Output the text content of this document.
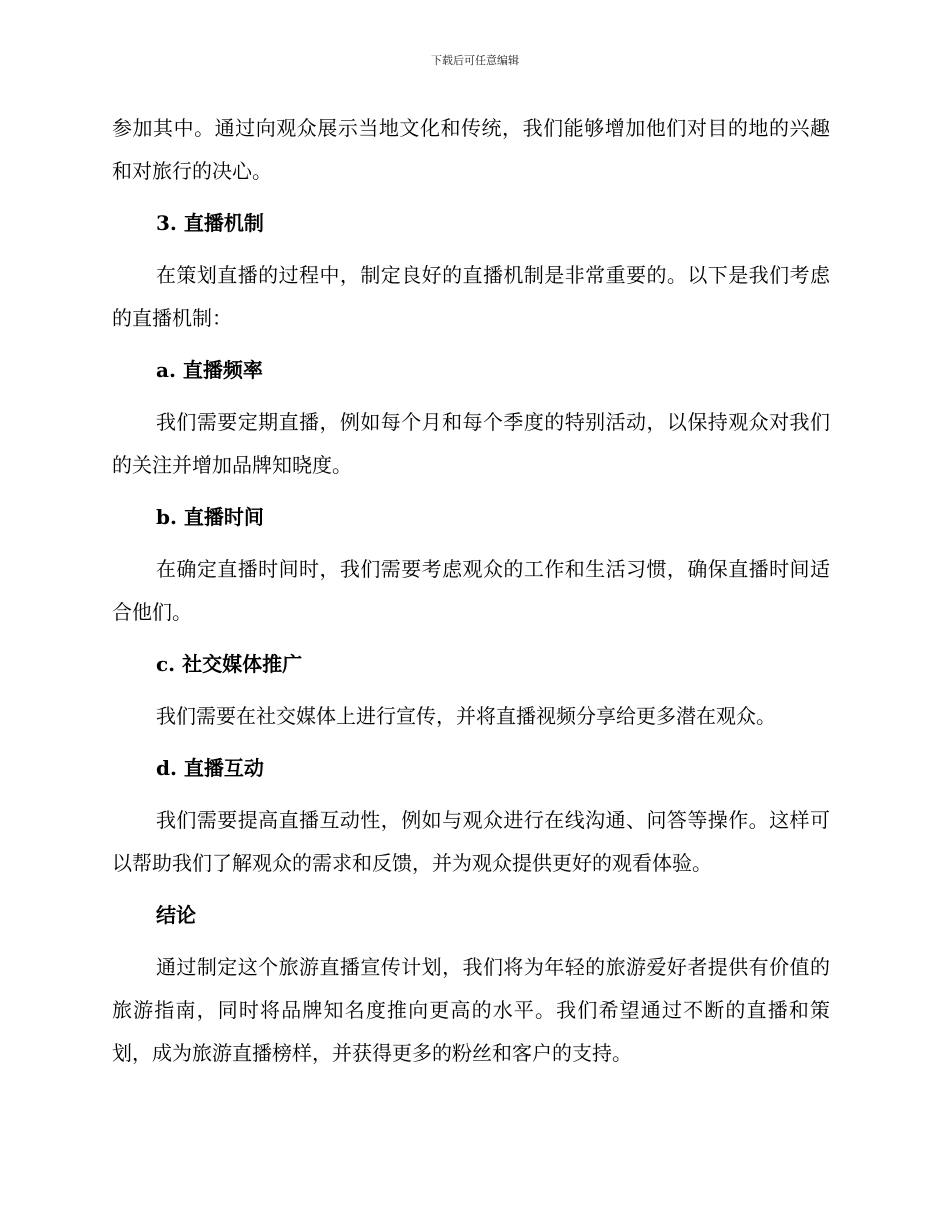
下载后可任意编辑

参加其中。通过向观众展示当地文化和传统，我们能够增加他们对目的地的兴趣和对旅行的决心。

3. 直播机制

在策划直播的过程中，制定良好的直播机制是非常重要的。以下是我们考虑的直播机制：

a. 直播频率

我们需要定期直播，例如每个月和每个季度的特别活动，以保持观众对我们的关注并增加品牌知晓度。

b. 直播时间

在确定直播时间时，我们需要考虑观众的工作和生活习惯，确保直播时间适合他们。

c. 社交媒体推广

我们需要在社交媒体上进行宣传，并将直播视频分享给更多潜在观众。

d. 直播互动

我们需要提高直播互动性，例如与观众进行在线沟通、问答等操作。这样可以帮助我们了解观众的需求和反馈，并为观众提供更好的观看体验。

结论

通过制定这个旅游直播宣传计划，我们将为年轻的旅游爱好者提供有价值的旅游指南，同时将品牌知名度推向更高的水平。我们希望通过不断的直播和策划，成为旅游直播榜样，并获得更多的粉丝和客户的支持。
